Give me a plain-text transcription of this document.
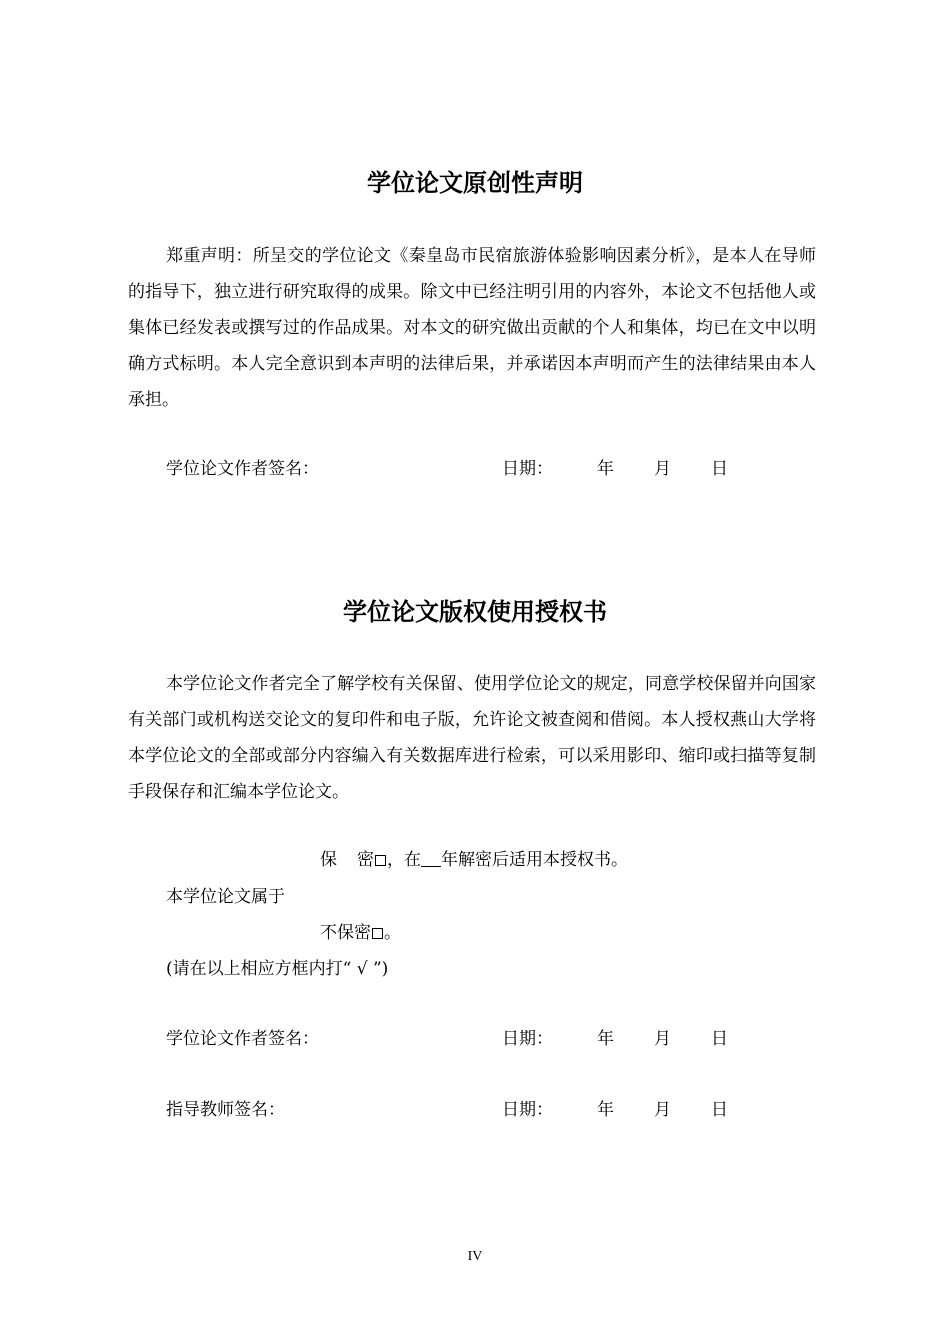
学位论文原创性声明

郑重声明：所呈交的学位论文《秦皇岛市民宿旅游体验影响因素分析》，是本人在导师的指导下，独立进行研究取得的成果。除文中已经注明引用的内容外，本论文不包括他人或集体已经发表或撰写过的作品成果。对本文的研究做出贡献的个人和集体，均已在文中以明确方式标明。本人完全意识到本声明的法律后果，并承诺因本声明而产生的法律结果由本人承担。

学位论文作者签名：	日期：	年 月 日
学位论文版权使用授权书

本学位论文作者完全了解学校有关保留、使用学位论文的规定，同意学校保留并向国家有关部门或机构送交论文的复印件和电子版，允许论文被查阅和借阅。本人授权燕山大学将本学位论文的全部或部分内容编入有关数据库进行检索，可以采用影印、缩印或扫描等复制手段保存和汇编本学位论文。

保 密 ，在 年解密后适用本授权书。
本学位论文属于
不保密 。
(请在以上相应方框内打“ √ ”)
学位论文作者签名：	日期：	年 月 日
指导教师签名：	日期：	年 月 日
IV
